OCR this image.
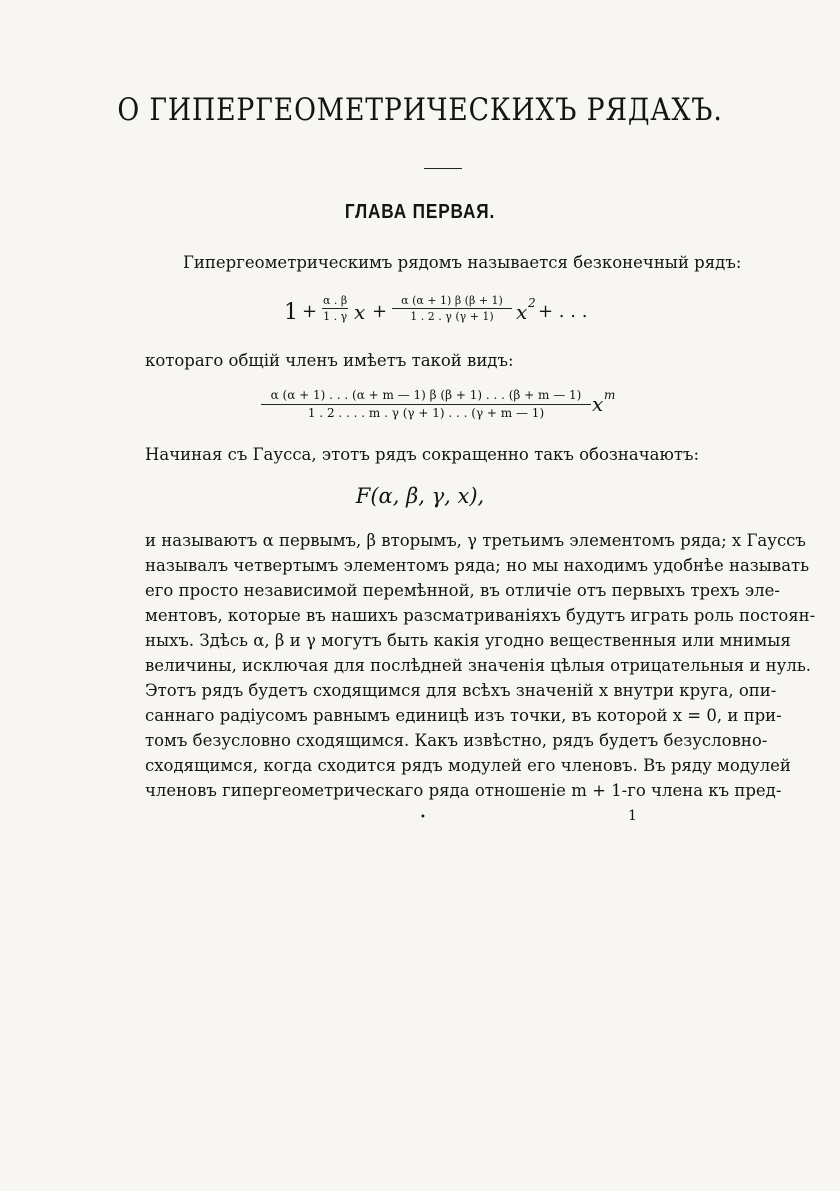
О ГИПЕРГЕОМЕТРИЧЕСКИХЪ РЯДАХЪ.
ГЛАВА ПЕРВАЯ.
Гипергеометрическимъ рядомъ называется безконечный рядъ:
$1 + \frac{\alpha . \beta}{1 . \gamma}$ $x + \frac{\alpha (\alpha + 1) \beta (\beta + 1)}{1 . 2 . \gamma (\gamma + 1)}$ x 2 + . . .
котораго общiй членъ имѣетъ такой видъ:
$\frac{\alpha (\alpha + 1) . . . (\alpha + m — 1) \beta (\beta + 1) . . . (\beta + m — 1)}{1 . 2 . . . . m . \gamma (\gamma + 1) . . . (\gamma + m — 1)}$ x m
Начиная съ Гаусса, этотъ рядъ сокращенно такъ обозначаютъ:
F(α, β, γ, x),
и называютъ α первымъ, β вторымъ, γ третьимъ элементомъ ряда; x Гауссъ
называлъ четвертымъ элементомъ ряда; но мы находимъ удобнѣе называть
его просто независимой перемѣнной, въ отличiе отъ первыхъ трехъ эле-
ментовъ, которые въ нашихъ разсматриванiяхъ будутъ играть роль постоян-
ныхъ. Здѣсь α, β и γ могутъ быть какiя угодно вещественныя или мнимыя
величины, исключая для послѣдней значенiя цѣлыя отрицательныя и нуль.
Этотъ рядъ будетъ сходящимся для всѣхъ значенiй x внутри круга, опи-
саннаго радiусомъ равнымъ единицѣ изъ точки, въ которой x = 0, и при-
томъ безусловно сходящимся. Какъ извѣстно, рядъ будетъ безусловно-
сходящимся, когда сходится рядъ модулей его членовъ. Въ ряду модулей
членовъ гипергеометрическаго ряда отношенiе m + 1-го члена къ пред-
•	1
